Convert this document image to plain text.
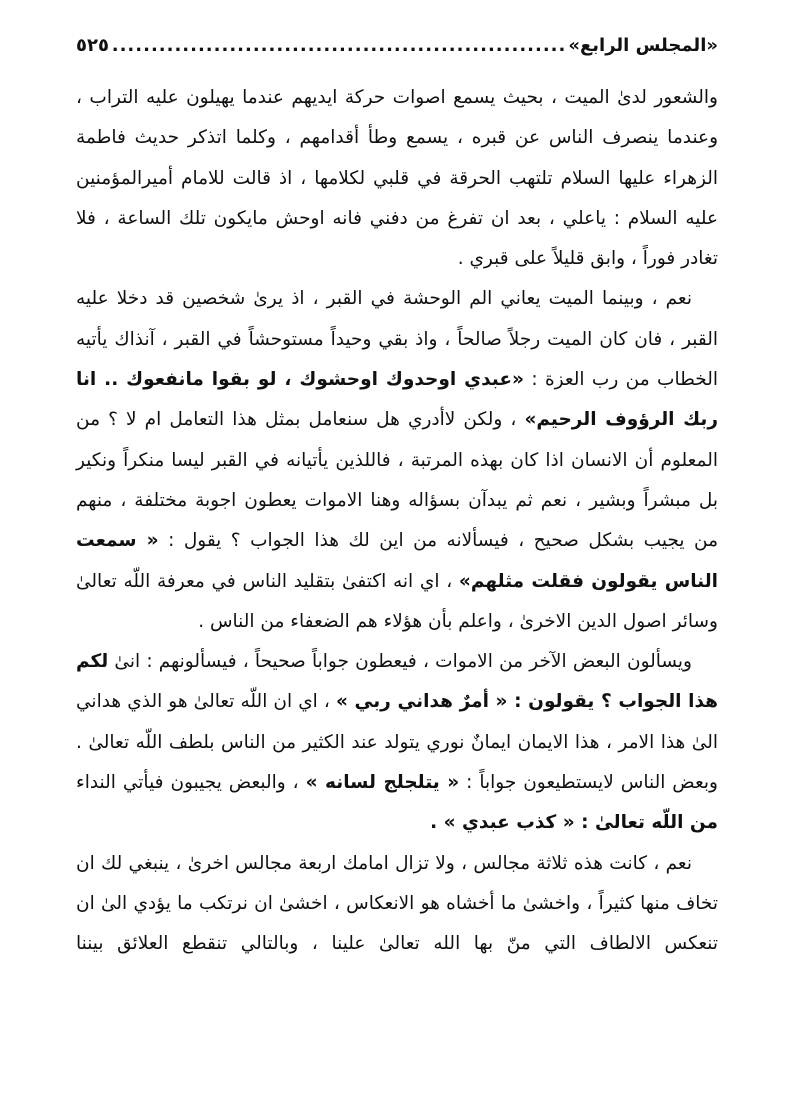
«المجلس الرابع»
.....
٥٢٥

والشعور لدىٰ الميت ، بحيث يسمع اصوات حركة ايديهم عندما يهيلون عليه التراب ، وعندما ينصرف الناس عن قبره ، يسمع وطأ أقدامهم ، وكلما اتذكر حديث فاطمة الزهراء عليها السلام تلتهب الحرقة في قلبي لكلامها ، اذ قالت للامام أميرالمؤمنين عليه السلام : ياعلي ، بعد ان تفرغ من دفني فانه اوحش مايكون تلك الساعة ، فلا تغادر فوراً ، وابق قليلاً على قبري .

نعم ، وبينما الميت يعاني الم الوحشة في القبر ، اذ يرىٰ شخصين قد دخلا عليه القبر ، فان كان الميت رجلاً صالحاً ، واذ بقي وحيداً مستوحشاً في القبر ، آنذاك يأتيه الخطاب من رب العزة : «عبدي اوحدوك اوحشوك ، لو بقوا مانفعوك .. انا ربك الرؤوف الرحيم» ، ولكن لاأدري هل سنعامل بمثل هذا التعامل ام لا ؟ من المعلوم أن الانسان اذا كان بهذه المرتبة ، فاللذين يأتيانه في القبر ليسا منكراً ونكير بل مبشراً وبشير ، نعم ثم يبدآن بسؤاله وهنا الاموات يعطون اجوبة مختلفة ، منهم من يجيب بشكل صحيح ، فيسألانه من اين لك هذا الجواب ؟ يقول : « سمعت الناس يقولون فقلت مثلهم» ، اي انه اكتفىٰ بتقليد الناس في معرفة اللّه تعالىٰ وسائر اصول الدين الاخرىٰ ، واعلم بأن هؤلاء هم الضعفاء من الناس .

ويسألون البعض الآخر من الاموات ، فيعطون جواباً صحيحاً ، فيسألونهم : انىٰ لكم هذا الجواب ؟ يقولون : « أمرٌ هداني ربي » ، اي ان اللّه تعالىٰ هو الذي هداني الىٰ هذا الامر ، هذا الايمان ايمانٌ نوري يتولد عند الكثير من الناس بلطف اللّه تعالىٰ . وبعض الناس لايستطيعون جواباً : « يتلجلج لسانه » ، والبعض يجيبون فيأتي النداء من اللّه تعالىٰ : « كذب عبدي » .

نعم ، كانت هذه ثلاثة مجالس ، ولا تزال امامك اربعة مجالس اخرىٰ ، ينبغي لك ان تخاف منها كثيراً ، واخشىٰ ما أخشاه هو الانعكاس ، اخشىٰ ان نرتكب ما يؤدي الىٰ ان تنعكس الالطاف التي منّ بها الله تعالىٰ علينا ، وبالتالي تنقطع العلائق بيننا
